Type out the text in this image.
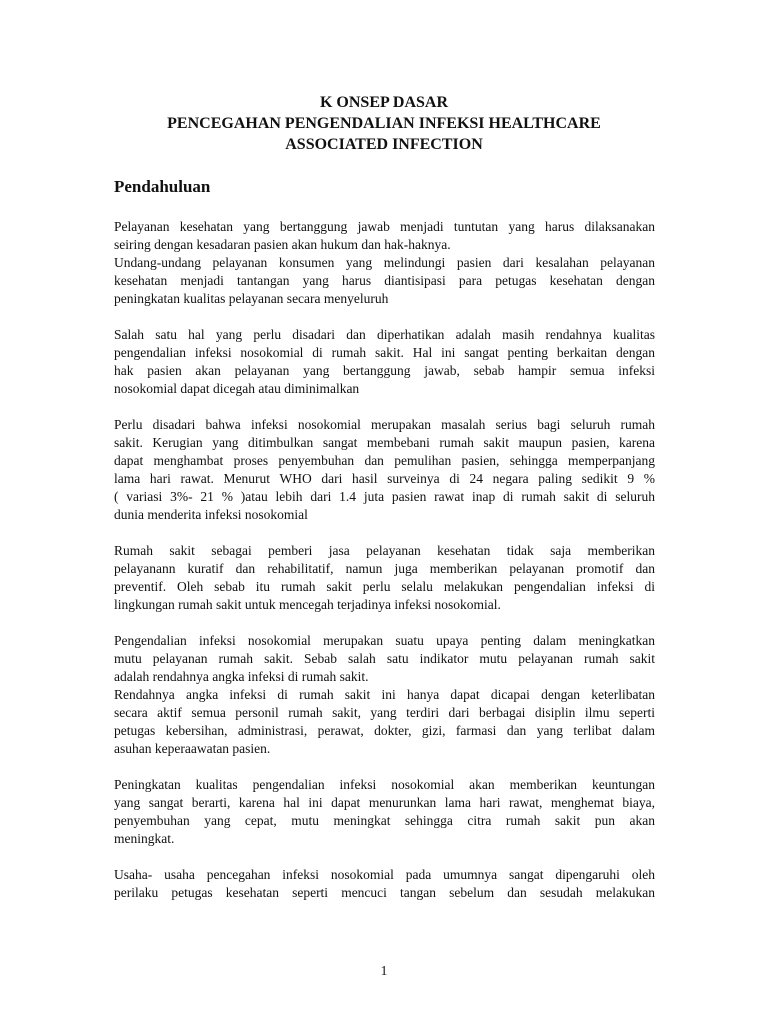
K ONSEP DASAR
PENCEGAHAN PENGENDALIAN INFEKSI HEALTHCARE
ASSOCIATED INFECTION
Pendahuluan
Pelayanan kesehatan yang bertanggung jawab menjadi tuntutan yang harus dilaksanakan
seiring dengan kesadaran pasien akan hukum dan hak-haknya.
Undang-undang pelayanan konsumen yang melindungi pasien dari kesalahan pelayanan
kesehatan menjadi tantangan yang harus diantisipasi para petugas kesehatan dengan
peningkatan kualitas pelayanan secara menyeluruh
Salah satu hal yang perlu disadari dan diperhatikan adalah masih rendahnya kualitas
pengendalian infeksi nosokomial di rumah sakit. Hal ini sangat penting berkaitan dengan
hak pasien akan pelayanan yang bertanggung jawab, sebab hampir semua infeksi
nosokomial dapat dicegah atau diminimalkan
Perlu disadari bahwa infeksi nosokomial merupakan masalah serius bagi seluruh rumah
sakit. Kerugian yang ditimbulkan sangat membebani rumah sakit maupun pasien, karena
dapat menghambat proses penyembuhan dan pemulihan pasien, sehingga memperpanjang
lama hari rawat. Menurut WHO dari hasil surveinya di 24 negara paling sedikit 9 %
( variasi 3%- 21 % )atau lebih dari 1.4 juta pasien rawat inap di rumah sakit di seluruh
dunia menderita infeksi nosokomial
Rumah sakit sebagai pemberi jasa pelayanan kesehatan tidak saja memberikan
pelayanann kuratif dan rehabilitatif, namun juga memberikan pelayanan promotif dan
preventif. Oleh sebab itu rumah sakit perlu selalu melakukan pengendalian infeksi di
lingkungan rumah sakit untuk mencegah terjadinya infeksi nosokomial.
Pengendalian infeksi nosokomial merupakan suatu upaya penting dalam meningkatkan
mutu pelayanan rumah sakit. Sebab salah satu indikator mutu pelayanan rumah sakit
adalah rendahnya angka infeksi di rumah sakit.
Rendahnya angka infeksi di rumah sakit ini hanya dapat dicapai dengan keterlibatan
secara aktif semua personil rumah sakit, yang terdiri dari berbagai disiplin ilmu seperti
petugas kebersihan, administrasi, perawat, dokter, gizi, farmasi dan yang terlibat dalam
asuhan keperaawatan pasien.
Peningkatan kualitas pengendalian infeksi nosokomial akan memberikan keuntungan
yang sangat berarti, karena hal ini dapat menurunkan lama hari rawat, menghemat biaya,
penyembuhan yang cepat, mutu meningkat sehingga citra rumah sakit pun akan
meningkat.
Usaha- usaha pencegahan infeksi nosokomial pada umumnya sangat dipengaruhi oleh
perilaku petugas kesehatan seperti mencuci tangan sebelum dan sesudah melakukan
1
